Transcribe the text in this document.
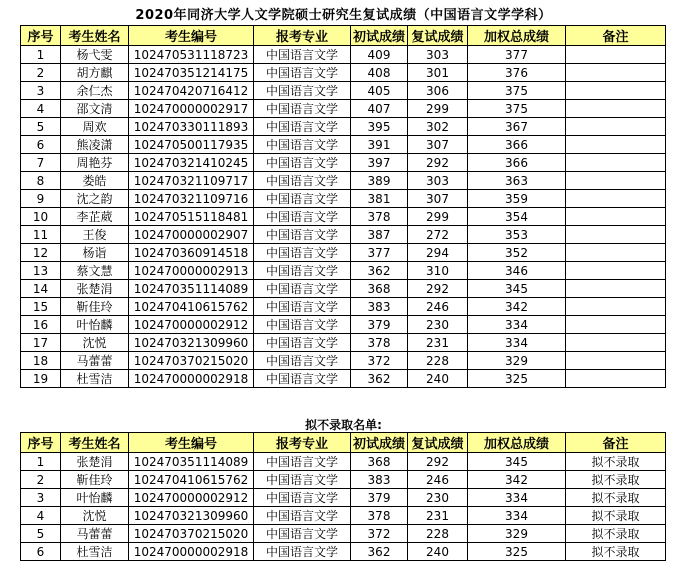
2020年同济大学人文学院硕士研究生复试成绩（中国语言文学学科）
序号	考生姓名	考生编号	报考专业	初试成绩	复试成绩	加权总成绩	备注
1	杨弋雯	102470531118723	中国语言文学	409	303	377	
2	胡方麒	102470351214175	中国语言文学	408	301	376	
3	余仁杰	102470420716412	中国语言文学	405	306	375	
4	邵文清	102470000002917	中国语言文学	407	299	375	
5	周欢	102470330111893	中国语言文学	395	302	367	
6	熊凌潇	102470500117935	中国语言文学	391	307	366	
7	周艳芬	102470321410245	中国语言文学	397	292	366	
8	娄皓	102470321109717	中国语言文学	389	303	363	
9	沈之韵	102470321109716	中国语言文学	381	307	359	
10	李芷葳	102470515118481	中国语言文学	378	299	354	
11	王俊	102470000002907	中国语言文学	387	272	353	
12	杨诣	102470360914518	中国语言文学	377	294	352	
13	蔡文慧	102470000002913	中国语言文学	362	310	346	
14	张楚涓	102470351114089	中国语言文学	368	292	345	
15	靳佳玲	102470410615762	中国语言文学	383	246	342	
16	叶怡麟	102470000002912	中国语言文学	379	230	334	
17	沈悦	102470321309960	中国语言文学	378	231	334	
18	马蕾蕾	102470370215020	中国语言文学	372	228	329	
19	杜雪洁	102470000002918	中国语言文学	362	240	325	
拟不录取名单:
序号	考生姓名	考生编号	报考专业	初试成绩	复试成绩	加权总成绩	备注
1	张楚涓	102470351114089	中国语言文学	368	292	345	拟不录取
2	靳佳玲	102470410615762	中国语言文学	383	246	342	拟不录取
3	叶怡麟	102470000002912	中国语言文学	379	230	334	拟不录取
4	沈悦	102470321309960	中国语言文学	378	231	334	拟不录取
5	马蕾蕾	102470370215020	中国语言文学	372	228	329	拟不录取
6	杜雪洁	102470000002918	中国语言文学	362	240	325	拟不录取
